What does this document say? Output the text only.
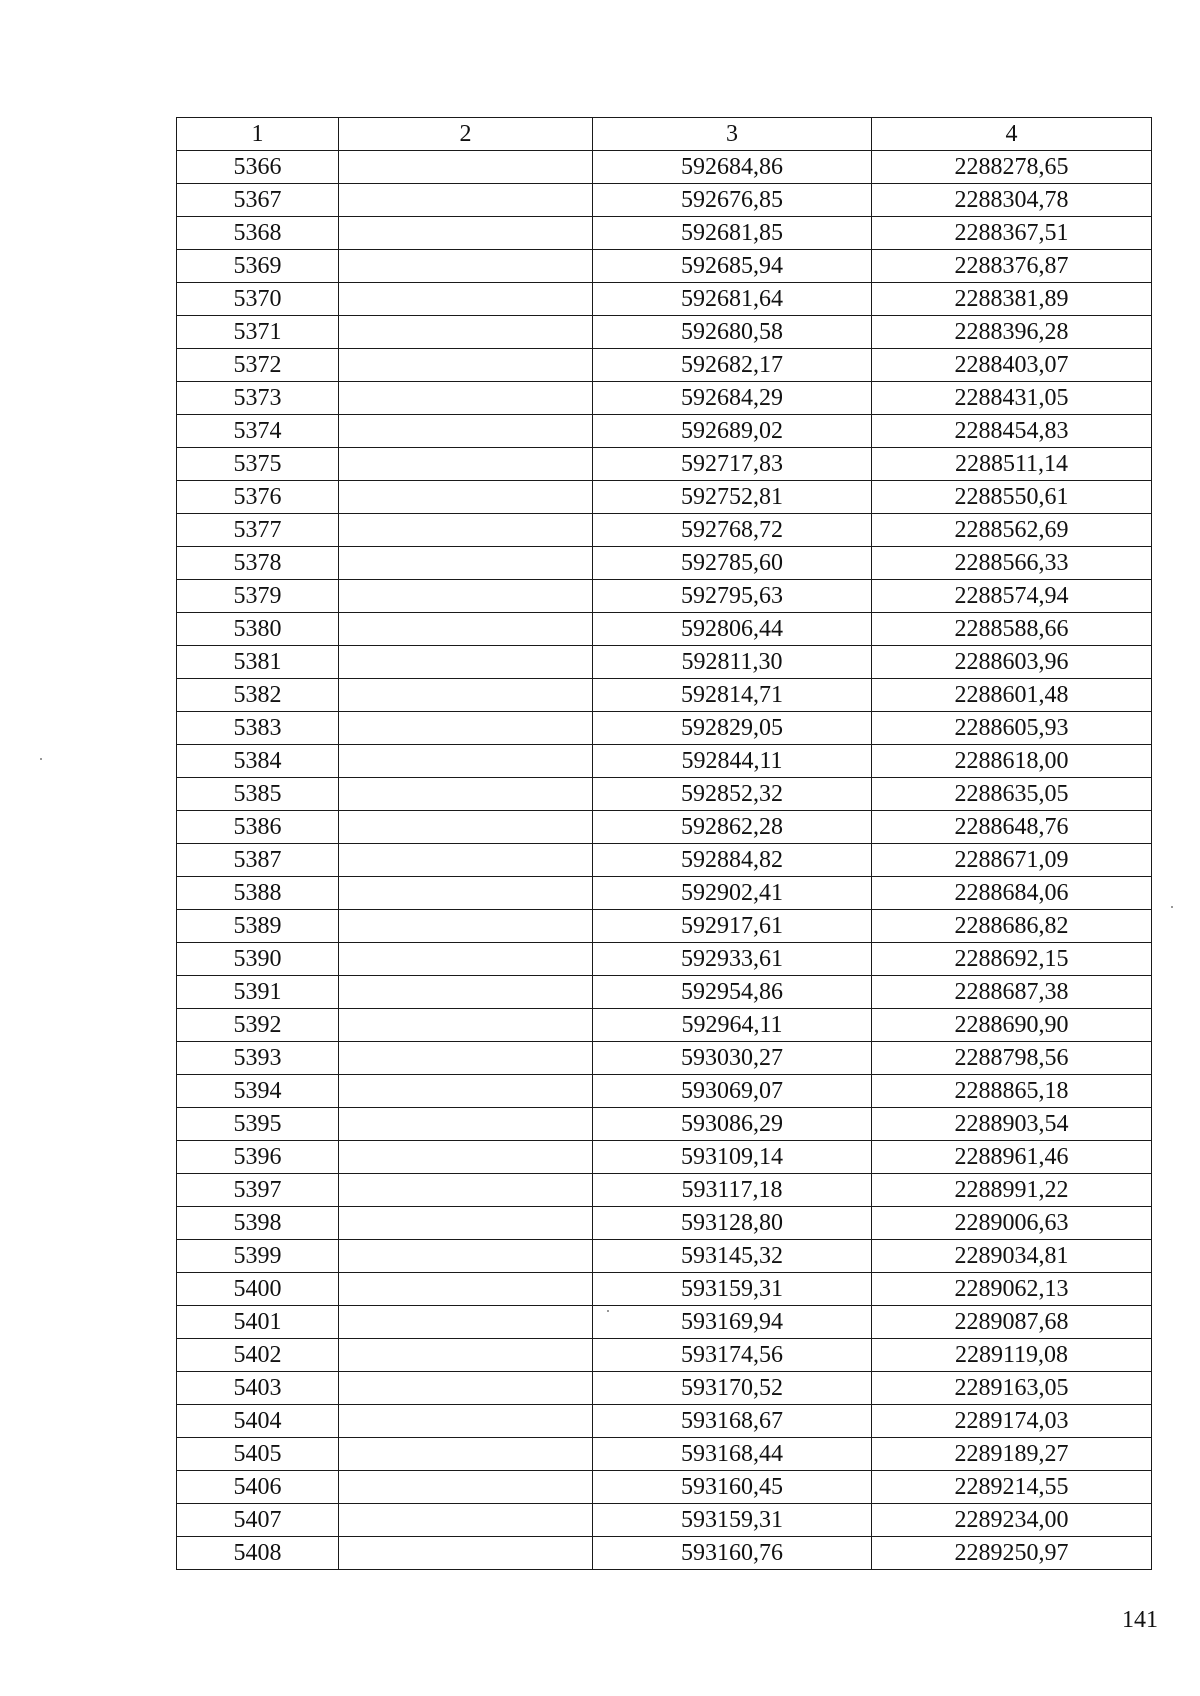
1	2	3	4
5366		592684,86	2288278,65
5367		592676,85	2288304,78
5368		592681,85	2288367,51
5369		592685,94	2288376,87
5370		592681,64	2288381,89
5371		592680,58	2288396,28
5372		592682,17	2288403,07
5373		592684,29	2288431,05
5374		592689,02	2288454,83
5375		592717,83	2288511,14
5376		592752,81	2288550,61
5377		592768,72	2288562,69
5378		592785,60	2288566,33
5379		592795,63	2288574,94
5380		592806,44	2288588,66
5381		592811,30	2288603,96
5382		592814,71	2288601,48
5383		592829,05	2288605,93
5384		592844,11	2288618,00
5385		592852,32	2288635,05
5386		592862,28	2288648,76
5387		592884,82	2288671,09
5388		592902,41	2288684,06
5389		592917,61	2288686,82
5390		592933,61	2288692,15
5391		592954,86	2288687,38
5392		592964,11	2288690,90
5393		593030,27	2288798,56
5394		593069,07	2288865,18
5395		593086,29	2288903,54
5396		593109,14	2288961,46
5397		593117,18	2288991,22
5398		593128,80	2289006,63
5399		593145,32	2289034,81
5400		593159,31	2289062,13
5401		593169,94	2289087,68
5402		593174,56	2289119,08
5403		593170,52	2289163,05
5404		593168,67	2289174,03
5405		593168,44	2289189,27
5406		593160,45	2289214,55
5407		593159,31	2289234,00
5408		593160,76	2289250,97
141
